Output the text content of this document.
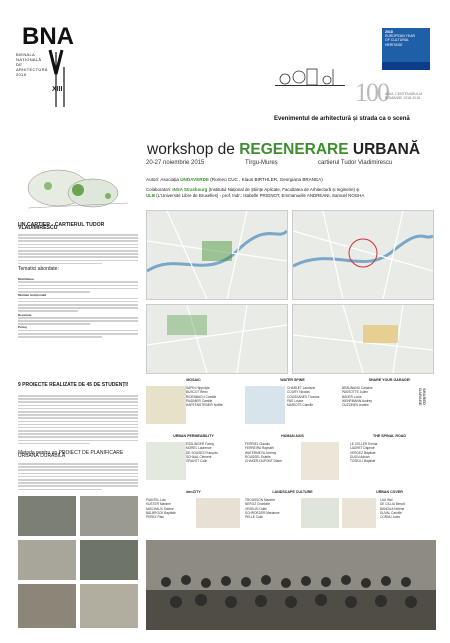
BNA
BIENALA
NAȚIONALĂ
DE
ARHITECTURĂ
2018
XIII
2018
EUROPEAN YEAR
OF CULTURAL
HERITAGE
100
ANUL CENTENARULUI ROMÂNIEI 1918-2018
Evenimentul de arhitectură și strada ca o scenă
workshop de REGENERARE URBANĂ
20-27 noiembrie 2015	Tîrgu-Mureș	cartierul Tudor Vladimirescu
Autori: Asociația UNDAVERDE (Romeo CUC , Klaus BIRTHLER, Georgiana BRANEA)
Colaboratori: INSA Strasbourg (Institutul Național de Științe Aplicate, Facultatea de Arhitectură și Inginerie) și
ULB (L'Université Libre de Bruxelles) - prof. Indr.: Isabelle PRIGNOT, Emmanuelle ANDREANI, Samuel NOGHA
UN CARTIER - CARTIERUL TUDOR VLADIMIRESCU
Tematici abordate:
Mobilitatea
Mixitate funcțională
Densitate
Peisaj
9 PROIECTE REALIZATE DE 45 DE STUDENȚI!
Metoda pentru un PROIECT DE PLANIFICARE URBANĂ DURABILĂ
MOSAIC
SAPIN Hippolyte
BUSCOT Rémi
RIDENBACH Camille
PAIDNIER Camille
HARTENSTEINER Noëlie
WATER SPINE
CHARLET Lauriane
COURY Nicolas
COUSSANES Thomas
PAS Louise
MARIOTS Camille
SHARE YOUR GARAGE!
BRAUNAND Caroline
PASSOTTE Julien
BADER Louis
WEHRMANN Audrey
OUZZINES Aurélie
SHARED GARAGE
URBAN PERMEABILITY
ESSLINGER Fanny
MOREL Laurence
DE SOUSES François
SCHAAL Clément
GRAVOT Colin
HUMAN AXIS
FERRIEL Claudio
FERREIRA Raphaël
WATERMEYA Jérémy
ROUSSEL Estelle
CHAKER-DUPONT Diane
THE SPINAL ROAD
LE CELLER Emma
LAURET Daphné
VERGEZ Baptiste
DULIN Adrian
TOSELLI Baptiste
denCITY
PIANTEL Loic
KUSTER Maxime
MISCHAUX Solène
BALBROCK Baptiste
PEREZ Paul
LANDSCAPE CULTURE
TROUSSON Maxime
NEROZ Charlotte
VESELIN Odile
SCHROEDER Marianne
PELLE Colin
URBAN COVER
LAU Wai
DE CILLIA Benoît
BANGUA Hélène
DUVAL Camille
CORNU Jules
